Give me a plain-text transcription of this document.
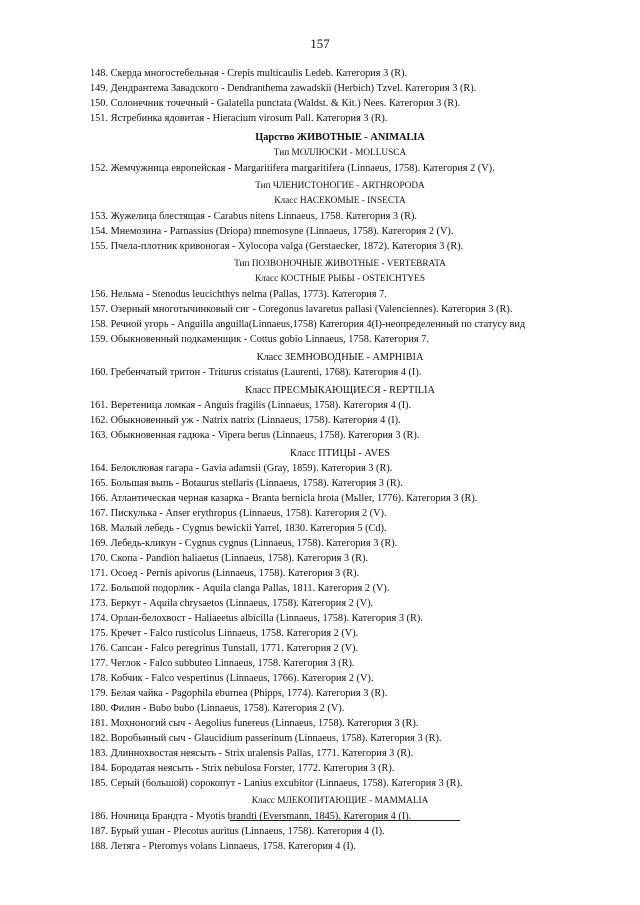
157
148. Скерда многостебельная - Crepis multicaulis Ledeb. Категория 3 (R).
149. Дендрантема Завадского - Dendranthema zawadskii (Herbich) Tzvel. Категория 3 (R).
150. Солонечник точечный - Galatella punctata (Waldst. & Kit.) Nees. Категория 3 (R).
151. Ястребинка ядовитая - Hieracium virosum Pall. Категория 3 (R).
Царство ЖИВОТНЫЕ - ANIMALIA
Тип МОЛЛЮСКИ - MOLLUSCA
152. Жемчужница европейская - Margaritifera margaritifera (Linnaeus, 1758). Категория 2 (V).
Тип ЧЛЕНИСТОНОГИЕ - ARTHROPODA
Класс НАСЕКОМЫЕ - INSECTA
153. Жужелица блестящая - Carabus nitens Linnaeus, 1758. Категория 3 (R).
154. Мнемозина - Parnassius (Driopa) mnemosyne (Linnaeus, 1758). Категория 2 (V).
155. Пчела-плотник кривоногая - Xylocopa valga (Gerstaecker, 1872). Категория 3 (R).
Тип ПОЗВОНОЧНЫЕ ЖИВОТНЫЕ - VERTEBRATA
Класс КОСТНЫЕ РЫБЫ - OSTEICHTYES
156. Нельма - Stenodus leucichthys nelma (Pallas, 1773). Категория 7.
157. Озерный многотычинковый сиг - Coregonus lavaretus pallasi (Valenciennes). Категория 3 (R).
158. Речной угорь - Anguilla anguilla(Linnaeus,1758) Категория 4(I)-неопределенный по статусу вид
159. Обыкновенный подкаменщик - Cottus gobio Linnaeus, 1758. Категория 7.
Класс ЗЕМНОВОДНЫЕ - AMPHIBIA
160. Гребенчатый тритон - Triturus cristatus (Laurenti, 1768). Категория 4 (I).
Класс ПРЕСМЫКАЮЩИЕСЯ - REPTILIA
161. Веретеница ломкая - Anguis fragilis (Linnaeus, 1758). Категория 4 (I).
162. Обыкновенный уж - Natrix natrix (Linnaeus, 1758). Категория 4 (I).
163. Обыкновенная гадюка - Vipera berus (Linnaeus, 1758). Категория 3 (R).
Класс ПТИЦЫ - AVES
164. Белоклювая гагара - Gavia adamsii (Gray, 1859). Категория 3 (R).
165. Большая выпь - Botaurus stellaris (Linnaeus, 1758). Категория 3 (R).
166. Атлантическая черная казарка - Branta bernicla hrota (Mьller, 1776). Категория 3 (R).
167. Пискулька - Anser erythropus (Linnaeus, 1758). Категория 2 (V).
168. Малый лебедь - Cygnus bewickii Yarrel, 1830. Категория 5 (Cd).
169. Лебедь-кликун - Cygnus cygnus (Linnaeus, 1758). Категория 3 (R).
170. Скопа - Pandion haliaetus (Linnaeus, 1758). Категория 3 (R).
171. Осоед - Pernis apivorus (Linnaeus, 1758). Категория 3 (R).
172. Большой подорлик - Aquila clanga Pallas, 1811. Категория 2 (V).
173. Беркут - Aquila chrysaetos (Linnaeus, 1758). Категория 2 (V).
174. Орлан-белохвост - Haliaeetus albicilla (Linnaeus, 1758). Категория 3 (R).
175. Кречет - Falco rusticolus Linnaeus, 1758. Категория 2 (V).
176. Сапсан - Falco peregrinus Tunstall, 1771. Категория 2 (V).
177. Чеглок - Falco subbuteo Linnaeus, 1758. Категория 3 (R).
178. Кобчик - Falco vespertinus (Linnaeus, 1766). Категория 2 (V).
179. Белая чайка - Pagophila eburnea (Phipps, 1774). Категория 3 (R).
180. Филин - Bubo bubo (Linnaeus, 1758). Категория 2 (V).
181. Мохноногий сыч - Aegolius funereus (Linnaeus, 1758). Категория 3 (R).
182. Воробьиный сыч - Glaucidium passerinum (Linnaeus, 1758). Категория 3 (R).
183. Длиннохвостая неясыть - Strix uralensis Pallas, 1771. Категория 3 (R).
184. Бородатая неясыть - Strix nebulosa Forster, 1772. Категория 3 (R).
185. Серый (большой) сорокопут - Lanius excubitor (Linnaeus, 1758). Категория 3 (R).
Класс МЛЕКОПИТАЮЩИЕ - MAMMALIA
186. Ночница Брандта - Myotis brandti (Eversmann, 1845). Категория 4 (I).
187. Бурый ушан - Plecotus auritus (Linnaeus, 1758). Категория 4 (I).
188. Летяга - Pteromys volans Linnaeus, 1758. Категория 4 (I).
